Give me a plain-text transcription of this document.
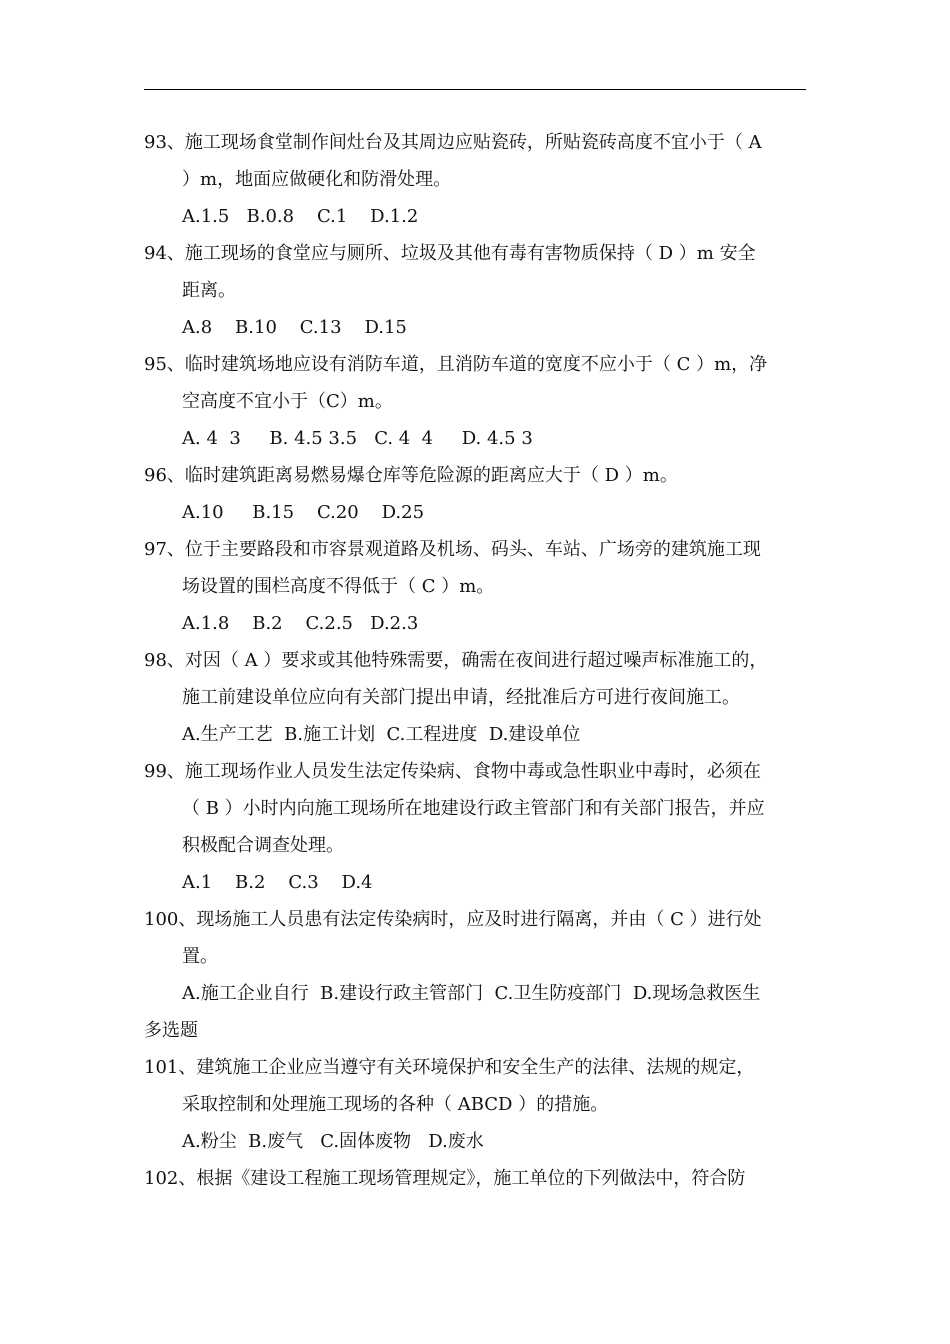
93、施工现场食堂制作间灶台及其周边应贴瓷砖，所贴瓷砖高度不宜小于（ A
）m，地面应做硬化和防滑处理。
A.1.5   B.0.8    C.1    D.1.2
94、施工现场的食堂应与厕所、垃圾及其他有毒有害物质保持（ D ）m 安全
距离。
A.8    B.10    C.13    D.15
95、临时建筑场地应设有消防车道，且消防车道的宽度不应小于（ C ）m，净
空高度不宜小于（C）m。
A. 4  3     B. 4.5 3.5   C. 4  4     D. 4.5 3
96、临时建筑距离易燃易爆仓库等危险源的距离应大于（ D ）m。
A.10     B.15    C.20    D.25
97、位于主要路段和市容景观道路及机场、码头、车站、广场旁的建筑施工现
场设置的围栏高度不得低于（ C ）m。
A.1.8    B.2    C.2.5   D.2.3
98、对因（ A ）要求或其他特殊需要，确需在夜间进行超过噪声标准施工的，
施工前建设单位应向有关部门提出申请，经批准后方可进行夜间施工。
A.生产工艺  B.施工计划  C.工程进度  D.建设单位
99、施工现场作业人员发生法定传染病、食物中毒或急性职业中毒时，必须在
（ B ）小时内向施工现场所在地建设行政主管部门和有关部门报告，并应
积极配合调查处理。
A.1    B.2    C.3    D.4
100、现场施工人员患有法定传染病时，应及时进行隔离，并由（ C ）进行处
置。
A.施工企业自行  B.建设行政主管部门  C.卫生防疫部门  D.现场急救医生
多选题
101、建筑施工企业应当遵守有关环境保护和安全生产的法律、法规的规定，
采取控制和处理施工现场的各种（ ABCD ）的措施。
A.粉尘  B.废气   C.固体废物   D.废水
102、根据《建设工程施工现场管理规定》，施工单位的下列做法中，符合防
